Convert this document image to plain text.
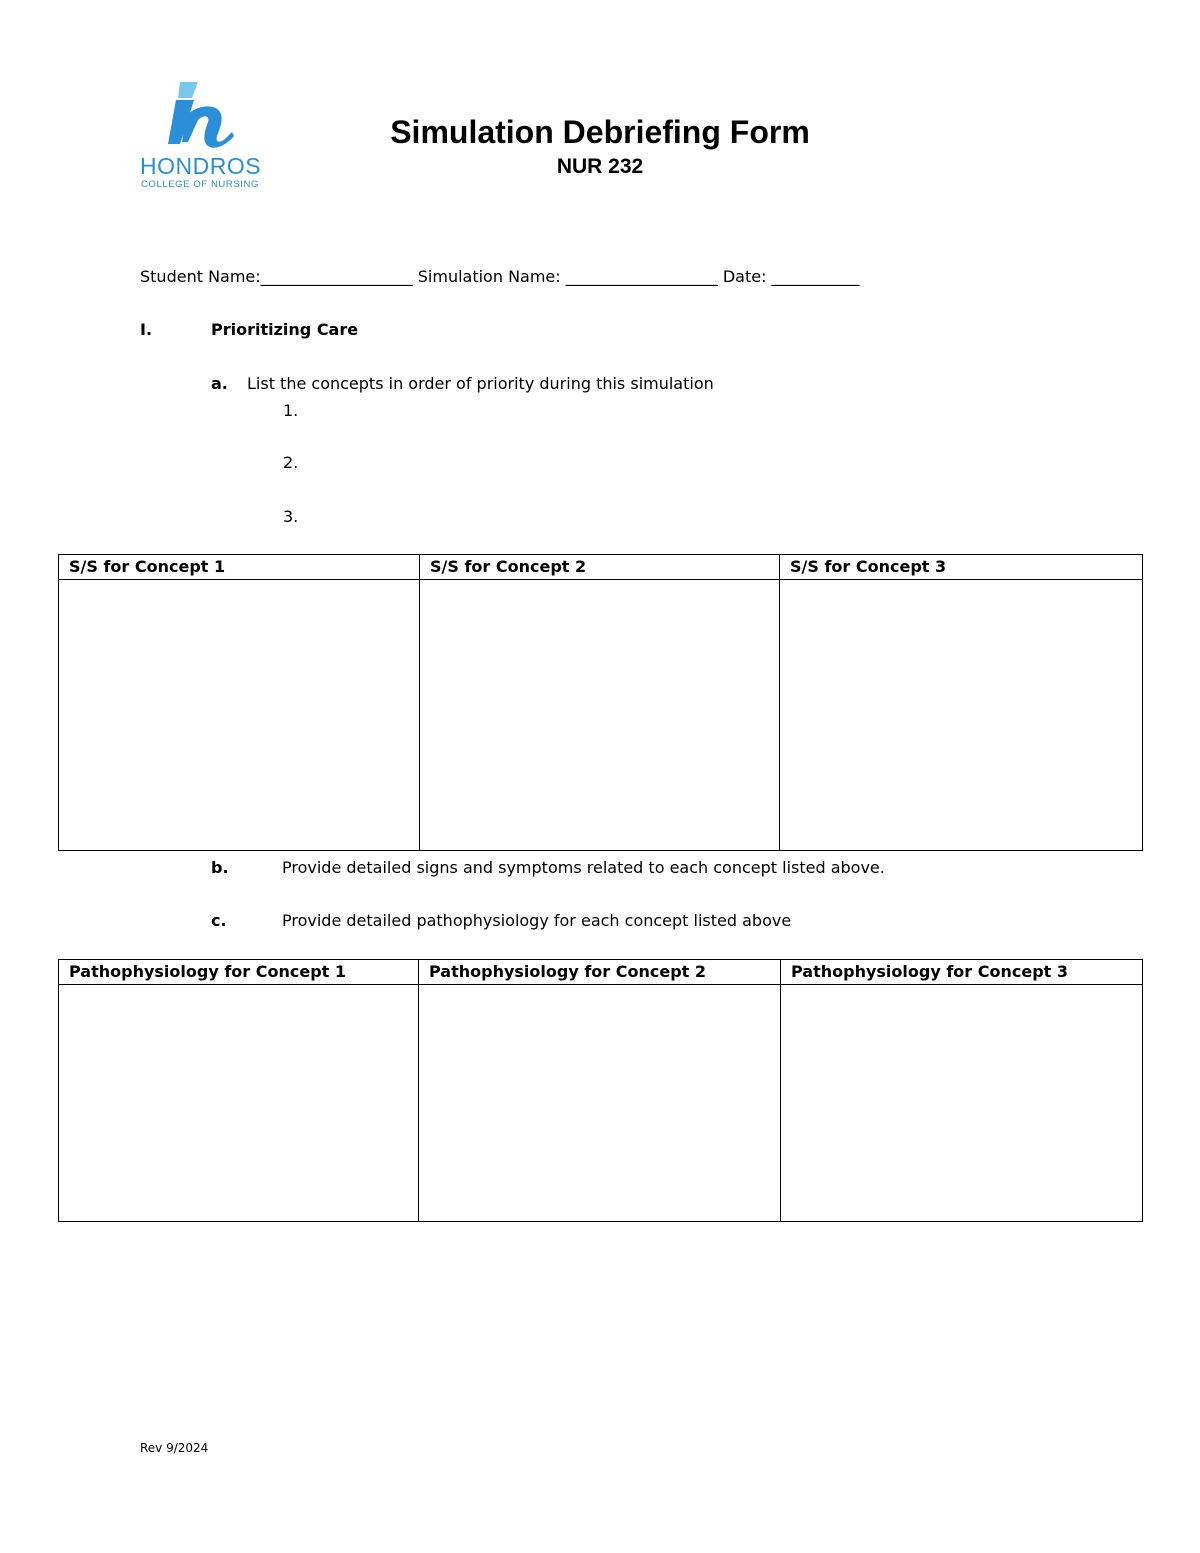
HONDROS
COLLEGE OF NURSING
Simulation Debriefing Form
NUR 232
Student Name:___________________ Simulation Name: ___________________ Date: ___________
I.	Prioritizing Care
a. List the concepts in order of priority during this simulation
1.
2.
3.
S/S for Concept 1	S/S for Concept 2	S/S for Concept 3

b.	Provide detailed signs and symptoms related to each concept listed above.
c.	Provide detailed pathophysiology for each concept listed above
Pathophysiology for Concept 1	Pathophysiology for Concept 2	Pathophysiology for Concept 3

Rev 9/2024
